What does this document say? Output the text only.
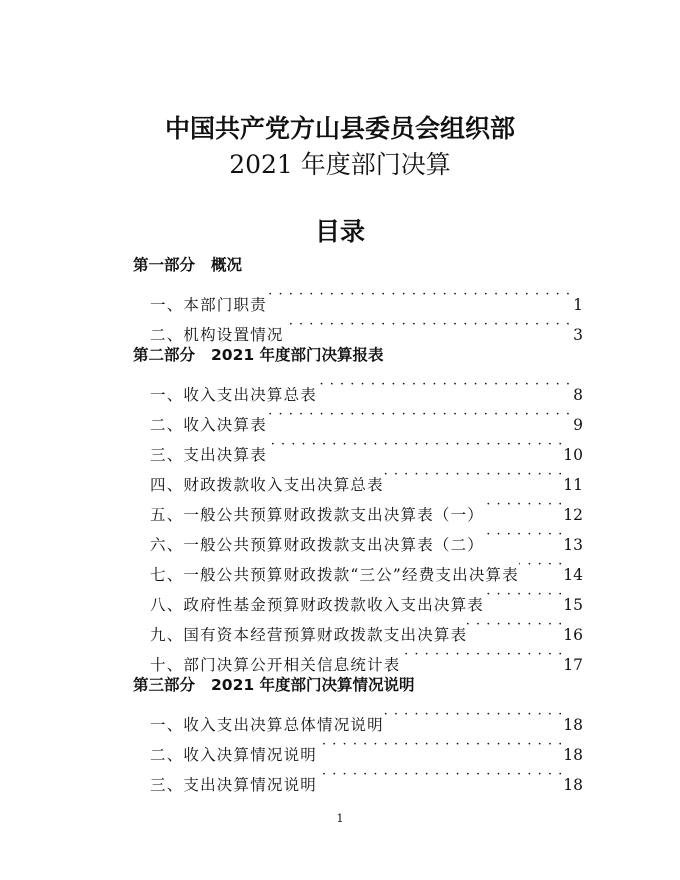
中国共产党方山县委员会组织部
2021 年度部门决算
目录
第一部分 概况
一、本部门职责 · · ·	1
二、机构设置情况 · · ·	3
第二部分 2021 年度部门决算报表
一、收入支出决算总表 · · ·	8
二、收入决算表 · · ·	9
三、支出决算表 · · ·	10
四、财政拨款收入支出决算总表 · · ·	11
五、一般公共预算财政拨款支出决算表（一） · · ·	12
六、一般公共预算财政拨款支出决算表（二） · · ·	13
七、一般公共预算财政拨款“三公”经费支出决算表 · · ·	14
八、政府性基金预算财政拨款收入支出决算表 · · ·	15
九、国有资本经营预算财政拨款支出决算表 · · ·	16
十、部门决算公开相关信息统计表 · · ·	17
第三部分 2021 年度部门决算情况说明
一、收入支出决算总体情况说明 · · ·	18
二、收入决算情况说明 · · ·	18
三、支出决算情况说明 · · ·	18
1
